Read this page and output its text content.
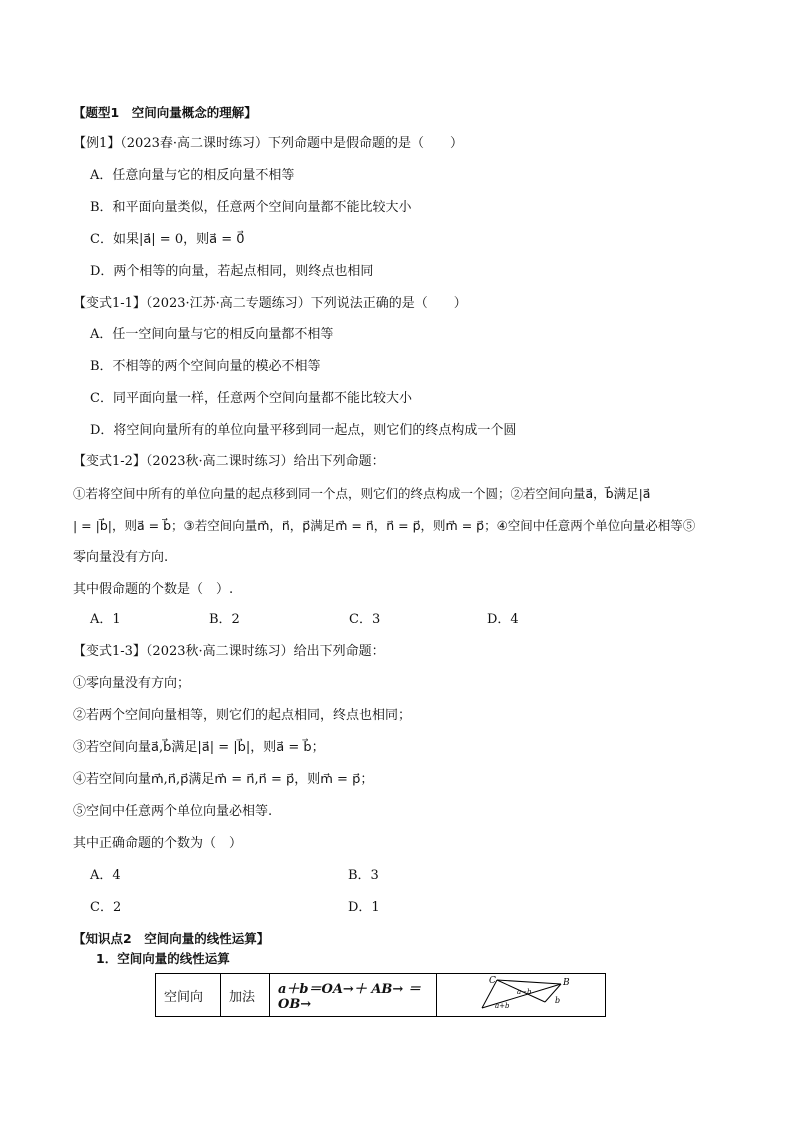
【题型1　空间向量概念的理解】
【例1】（2023春·高二课时练习）下列命题中是假命题的是（　　）
A．任意向量与它的相反向量不相等
B．和平面向量类似，任意两个空间向量都不能比较大小
C．如果|a⃗| = 0，则a⃗ = 0⃗
D．两个相等的向量，若起点相同，则终点也相同
【变式1-1】（2023·江苏·高二专题练习）下列说法正确的是（　　）
A．任一空间向量与它的相反向量都不相等
B．不相等的两个空间向量的模必不相等
C．同平面向量一样，任意两个空间向量都不能比较大小
D．将空间向量所有的单位向量平移到同一起点，则它们的终点构成一个圆
【变式1-2】（2023秋·高二课时练习）给出下列命题：
①若将空间中所有的单位向量的起点移到同一个点，则它们的终点构成一个圆；②若空间向量a⃗，b⃗满足|a⃗
| = |b⃗|，则a⃗ = b⃗；③若空间向量m⃗，n⃗，p⃗满足m⃗ = n⃗，n⃗ = p⃗，则m⃗ = p⃗；④空间中任意两个单位向量必相等⑤
零向量没有方向.
其中假命题的个数是（　）.
A．1	B．2	C．3	D．4
【变式1-3】（2023秋·高二课时练习）给出下列命题：
①零向量没有方向；
②若两个空间向量相等，则它们的起点相同，终点也相同；
③若空间向量a⃗,b⃗满足|a⃗| = |b⃗|，则a⃗ = b⃗；
④若空间向量m⃗,n⃗,p⃗满足m⃗ = n⃗,n⃗ = p⃗，则m⃗ = p⃗；
⑤空间中任意两个单位向量必相等.
其中正确命题的个数为（　）
A．4	B．3
C．2	D．1
【知识点2　空间向量的线性运算】
1．空间向量的线性运算
空间向	加法	a＋b＝OA→＋ AB→ ＝OB→	
C	B
b
a−b
a+b
